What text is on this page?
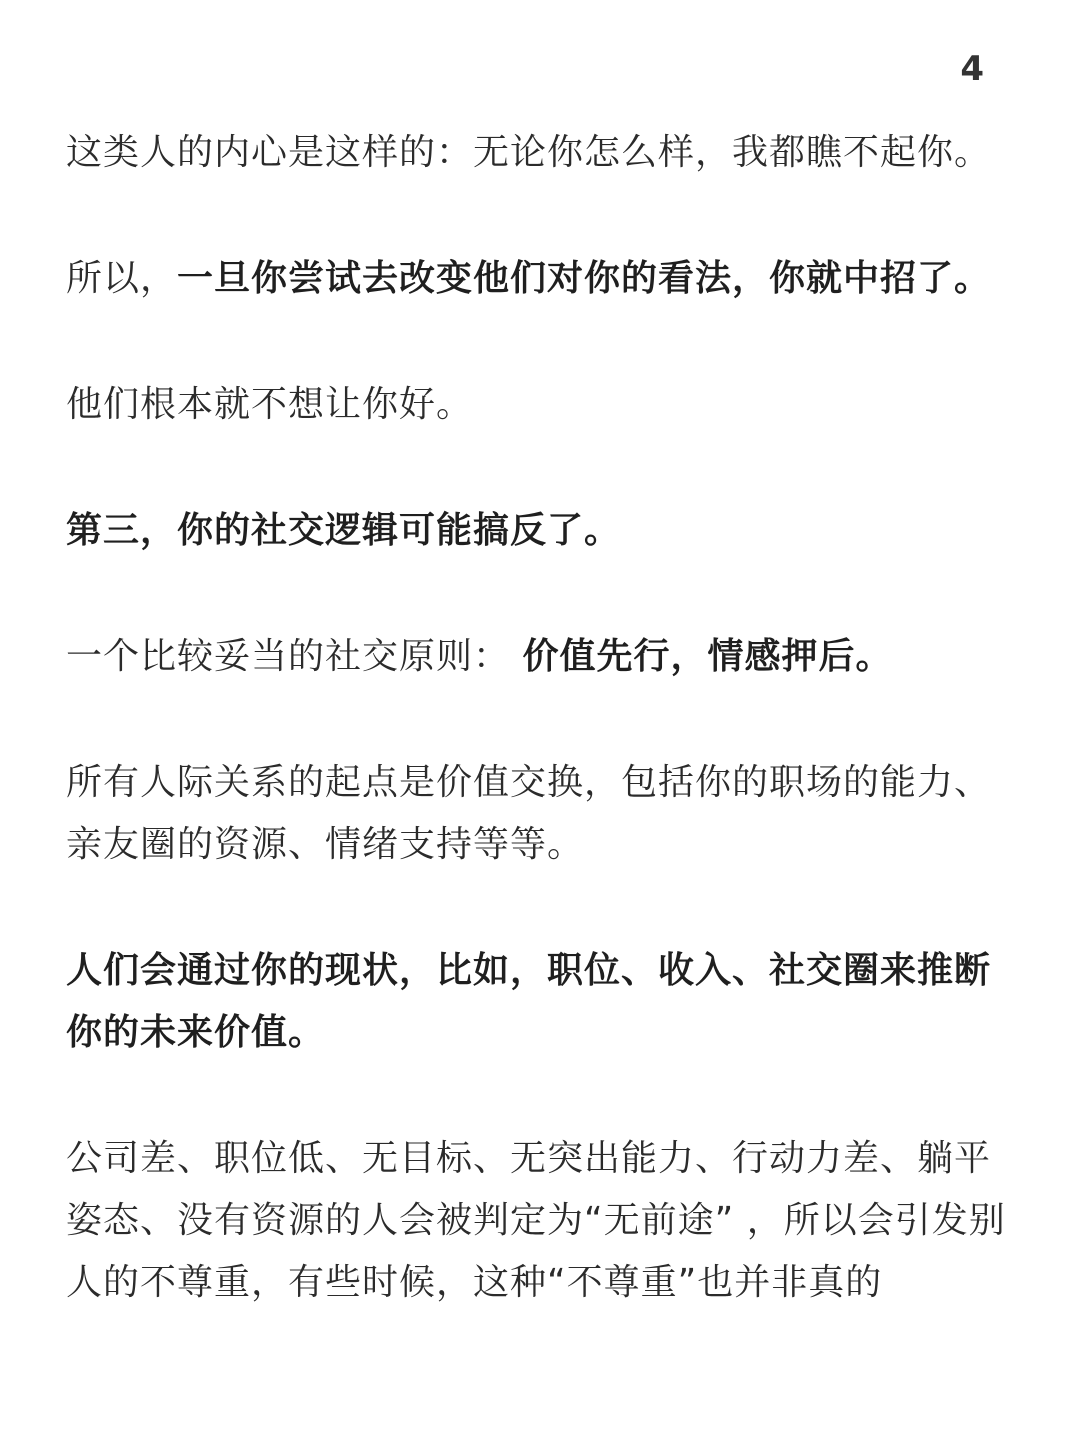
4

这类人的内心是这样的：无论你怎么样，我都瞧不起你。

所以，一旦你尝试去改变他们对你的看法，你就中招了。

他们根本就不想让你好。

第三，你的社交逻辑可能搞反了。

一个比较妥当的社交原则： 价值先行，情感押后。

所有人际关系的起点是价值交换，包括你的职场的能力、亲友圈的资源、情绪支持等等。

人们会通过你的现状，比如，职位、收入、社交圈来推断你的未来价值。

公司差、职位低、无目标、无突出能力、行动力差、躺平姿态、没有资源的人会被判定为“无前途” ，所以会引发别人的不尊重，有些时候，这种“不尊重”也并非真的
